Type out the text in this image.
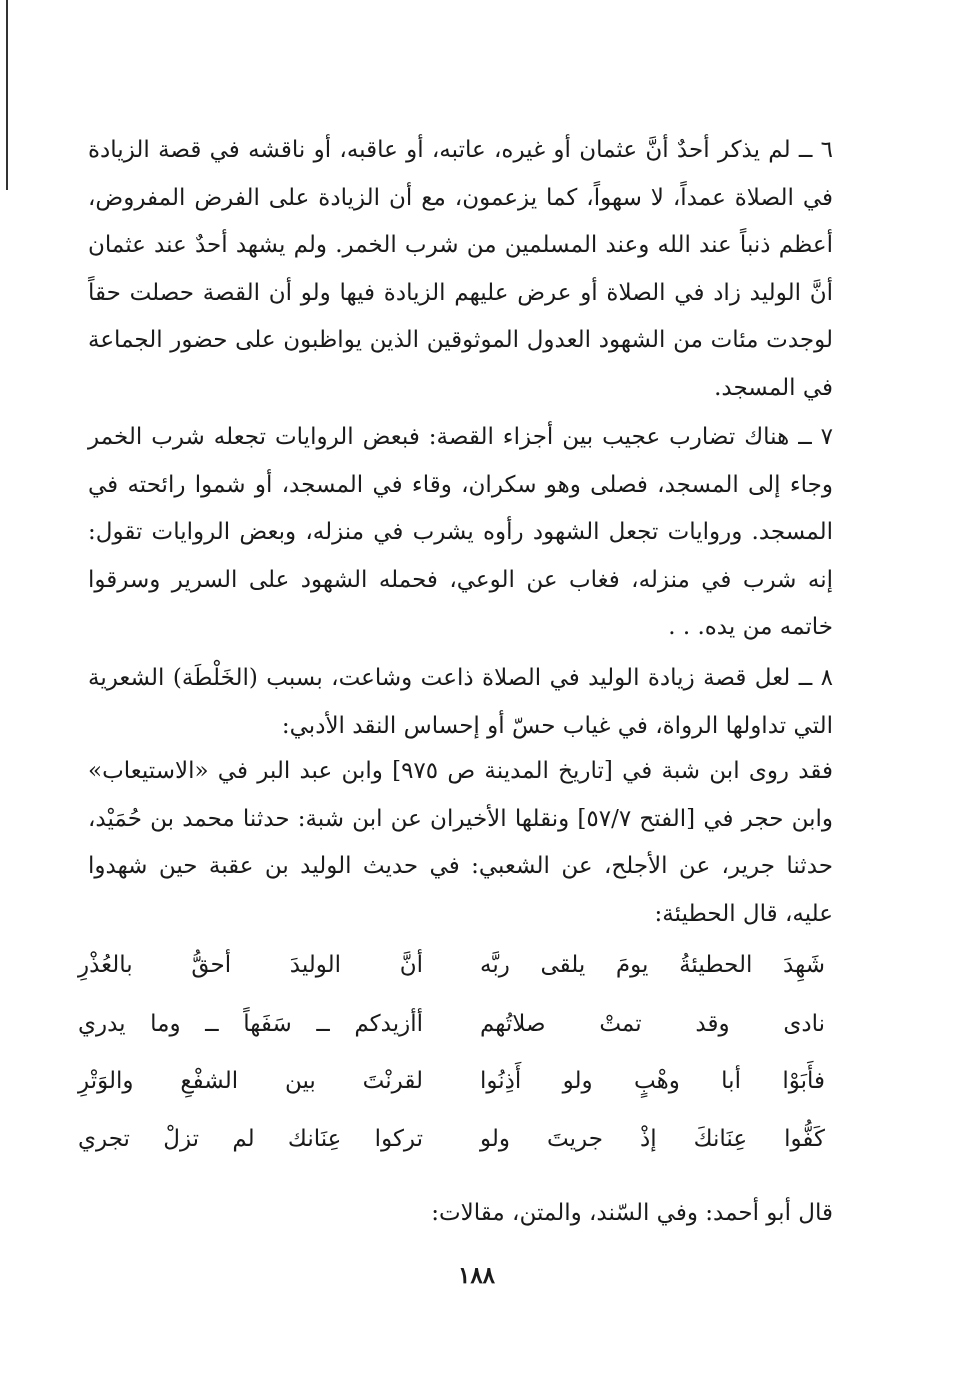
٦ ــ لم يذكر أحدٌ أنَّ عثمان أو غيره، عاتبه، أو عاقبه، أو ناقشه في قصة الزيادة في الصلاة عمداً، لا سهواً، كما يزعمون، مع أن الزيادة على الفرض المفروض، أعظم ذنباً عند الله وعند المسلمين من شرب الخمر. ولم يشهد أحدٌ عند عثمان أنَّ الوليد زاد في الصلاة أو عرض عليهم الزيادة فيها ولو أن القصة حصلت حقاً لوجدت مئات من الشهود العدول الموثوقين الذين يواظبون على حضور الجماعة في المسجد.

٧ ــ هناك تضارب عجيب بين أجزاء القصة: فبعض الروايات تجعله شرب الخمر وجاء إلى المسجد، فصلى وهو سكران، وقاء في المسجد، أو شموا رائحته في المسجد. وروايات تجعل الشهود رأوه يشرب في منزله، وبعض الروايات تقول: إنه شرب في منزله، فغاب عن الوعي، فحمله الشهود على السرير وسرقوا خاتمه من يده. . .

٨ ــ لعل قصة زيادة الوليد في الصلاة ذاعت وشاعت، بسبب (الخَلْطَة) الشعرية التي تداولها الرواة، في غياب حسّ أو إحساس النقد الأدبي:

فقد روى ابن شبة في [تاريخ المدينة ص ٩٧٥] وابن عبد البر في «الاستيعاب» وابن حجر في [الفتح ٥٧/٧] ونقلها الأخيران عن ابن شبة: حدثنا محمد بن حُمَيْد، حدثنا جرير، عن الأجلح، عن الشعبي: في حديث الوليد بن عقبة حين شهدوا عليه، قال الحطيئة:

شَهِدَ الحطيئةُ يومَ يلقى ربَّه
أنَّ الوليدَ أحقُّ بالعُذْرِ
نادى وقد تمتْ صلاتُهم
أأزيدكم ــ سَفَهاً ــ وما يدري
فأَبَوْا أبا وهْبٍ ولو أَذِنُوا
لقرنْتَ بين الشفْعِ والوَتْرِ
كَفُّوا عِنَانكَ إذْ جريتَ ولو
تركوا عِنَانك لم تزلْ تجري

قال أبو أحمد: وفي السّند، والمتن، مقالات:

١٨٨
